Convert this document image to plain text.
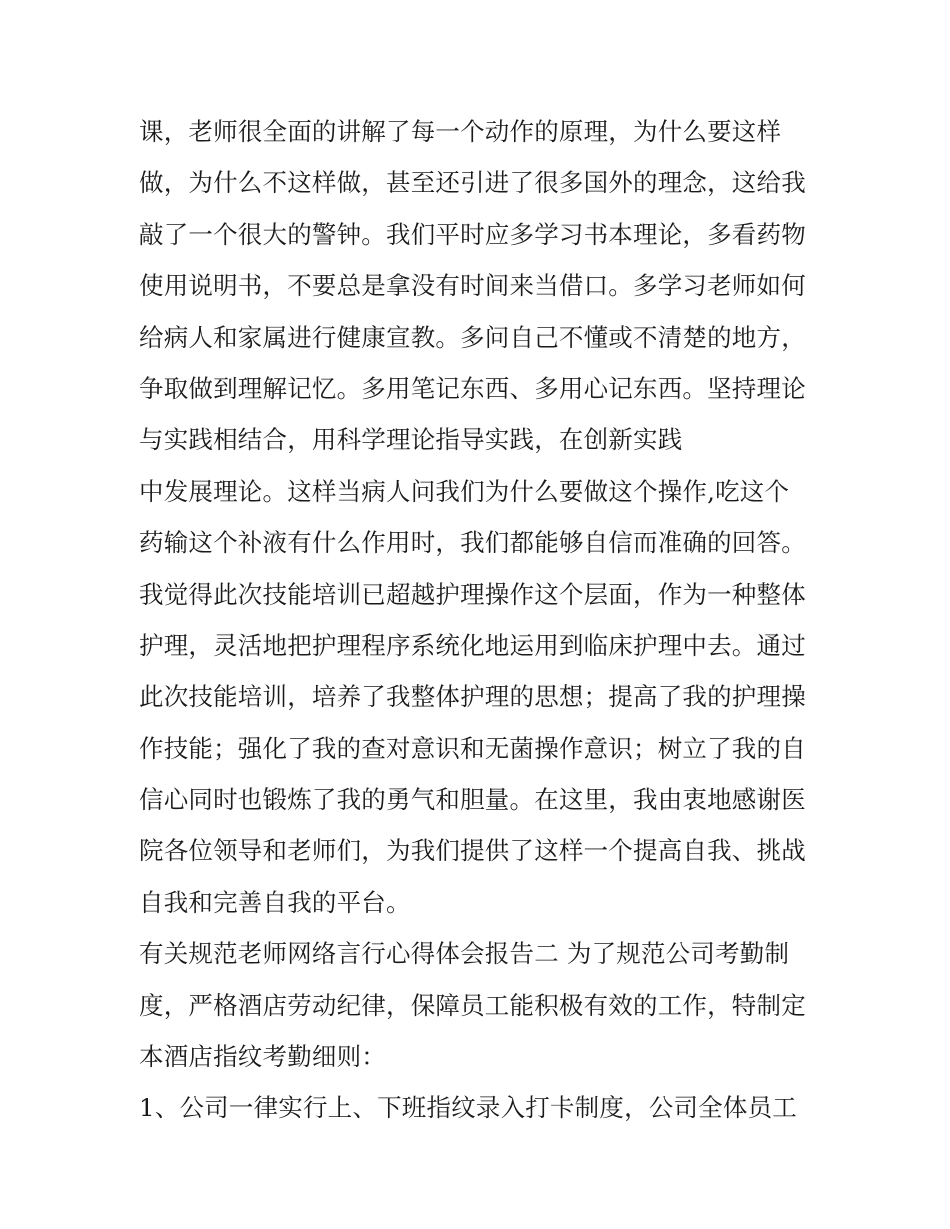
课，老师很全面的讲解了每一个动作的原理，为什么要这样
做，为什么不这样做，甚至还引进了很多国外的理念，这给我
敲了一个很大的警钟。我们平时应多学习书本理论，多看药物
使用说明书，不要总是拿没有时间来当借口。多学习老师如何
给病人和家属进行健康宣教。多问自己不懂或不清楚的地方，
争取做到理解记忆。多用笔记东西、多用心记东西。坚持理论
与实践相结合，用科学理论指导实践，在创新实践
中发展理论。这样当病人问我们为什么要做这个操作,吃这个
药输这个补液有什么作用时，我们都能够自信而准确的回答。
我觉得此次技能培训已超越护理操作这个层面，作为一种整体
护理，灵活地把护理程序系统化地运用到临床护理中去。通过
此次技能培训，培养了我整体护理的思想；提高了我的护理操
作技能；强化了我的查对意识和无菌操作意识；树立了我的自
信心同时也锻炼了我的勇气和胆量。在这里，我由衷地感谢医
院各位领导和老师们，为我们提供了这样一个提高自我、挑战
自我和完善自我的平台。
有关规范老师网络言行心得体会报告二 为了规范公司考勤制
度，严格酒店劳动纪律，保障员工能积极有效的工作，特制定
本酒店指纹考勤细则：
1、公司一律实行上、下班指纹录入打卡制度，公司全体员工
